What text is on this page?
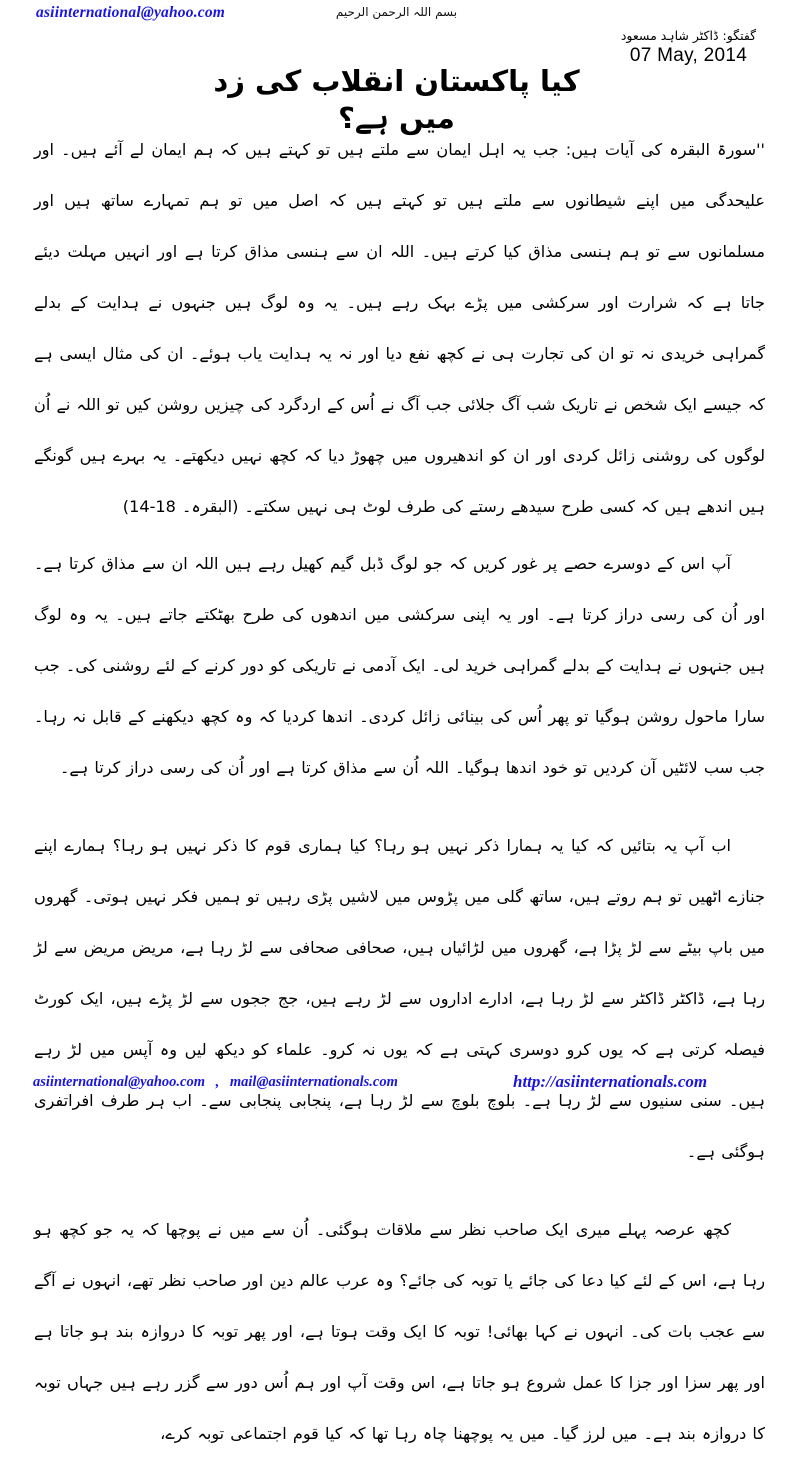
asiinternational@yahoo.com	بسم اللہ الرحمن الرحیم
گفتگو: ڈاکٹر شاہد مسعود
07 May, 2014
کیا پاکستان انقلاب کی زد میں ہے؟

''سورۃ البقرہ کی آیات ہیں: جب یہ اہل ایمان سے ملتے ہیں تو کہتے ہیں کہ ہم ایمان لے آئے ہیں۔ اور علیحدگی میں اپنے شیطانوں سے ملتے ہیں تو کہتے ہیں کہ اصل میں تو ہم تمہارے ساتھ ہیں اور مسلمانوں سے تو ہم ہنسی مذاق کیا کرتے ہیں۔ اللہ ان سے ہنسی مذاق کرتا ہے اور انہیں مہلت دیئے جاتا ہے کہ شرارت اور سرکشی میں پڑے بہک رہے ہیں۔ یہ وہ لوگ ہیں جنہوں نے ہدایت کے بدلے گمراہی خریدی نہ تو ان کی تجارت ہی نے کچھ نفع دیا اور نہ یہ ہدایت یاب ہوئے۔ ان کی مثال ایسی ہے کہ جیسے ایک شخص نے تاریک شب آگ جلائی جب آگ نے اُس کے اردگرد کی چیزیں روشن کیں تو اللہ نے اُن لوگوں کی روشنی زائل کردی اور ان کو اندھیروں میں چھوڑ دیا کہ کچھ نہیں دیکھتے۔ یہ بہرے ہیں گونگے ہیں اندھے ہیں کہ کسی طرح سیدھے رستے کی طرف لوٹ ہی نہیں سکتے۔ (البقرہ۔ 18-14)

آپ اس کے دوسرے حصے پر غور کریں کہ جو لوگ ڈبل گیم کھیل رہے ہیں اللہ ان سے مذاق کرتا ہے۔ اور اُن کی رسی دراز کرتا ہے۔ اور یہ اپنی سرکشی میں اندھوں کی طرح بھٹکتے جاتے ہیں۔ یہ وہ لوگ ہیں جنہوں نے ہدایت کے بدلے گمراہی خرید لی۔ ایک آدمی نے تاریکی کو دور کرنے کے لئے روشنی کی۔ جب سارا ماحول روشن ہوگیا تو پھر اُس کی بینائی زائل کردی۔ اندھا کردیا کہ وہ کچھ دیکھنے کے قابل نہ رہا۔ جب سب لائٹیں آن کردیں تو خود اندھا ہوگیا۔ اللہ اُن سے مذاق کرتا ہے اور اُن کی رسی دراز کرتا ہے۔

اب آپ یہ بتائیں کہ کیا یہ ہمارا ذکر نہیں ہو رہا؟ کیا ہماری قوم کا ذکر نہیں ہو رہا؟ ہمارے اپنے جنازے اٹھیں تو ہم روتے ہیں، ساتھ گلی میں پڑوس میں لاشیں پڑی رہیں تو ہمیں فکر نہیں ہوتی۔ گھروں میں باپ بیٹے سے لڑ پڑا ہے، گھروں میں لڑائیاں ہیں، صحافی صحافی سے لڑ رہا ہے، مریض مریض سے لڑ رہا ہے، ڈاکٹر ڈاکٹر سے لڑ رہا ہے، ادارے اداروں سے لڑ رہے ہیں، جج ججوں سے لڑ پڑے ہیں، ایک کورٹ فیصلہ کرتی ہے کہ یوں کرو دوسری کہتی ہے کہ یوں نہ کرو۔ علماء کو دیکھ لیں وہ آپس میں لڑ رہے ہیں۔ سنی سنیوں سے لڑ رہا ہے۔ بلوچ بلوچ سے لڑ رہا ہے، پنجابی پنجابی سے۔ اب ہر طرف افراتفری ہوگئی ہے۔

کچھ عرصہ پہلے میری ایک صاحب نظر سے ملاقات ہوگئی۔ اُن سے میں نے پوچھا کہ یہ جو کچھ ہو رہا ہے، اس کے لئے کیا دعا کی جائے یا توبہ کی جائے؟ وہ عرب عالم دین اور صاحب نظر تھے، انہوں نے آگے سے عجب بات کی۔ انہوں نے کہا بھائی! توبہ کا ایک وقت ہوتا ہے، اور پھر توبہ کا دروازہ بند ہو جاتا ہے اور پھر سزا اور جزا کا عمل شروع ہو جاتا ہے، اس وقت آپ اور ہم اُس دور سے گزر رہے ہیں جہاں توبہ کا دروازہ بند ہے۔ میں لرز گیا۔ میں یہ پوچھنا چاہ رہا تھا کہ کیا قوم اجتماعی توبہ کرے،

asiinternational@yahoo.com , mail@asiinternationals.com	http://asiinternationals.com
